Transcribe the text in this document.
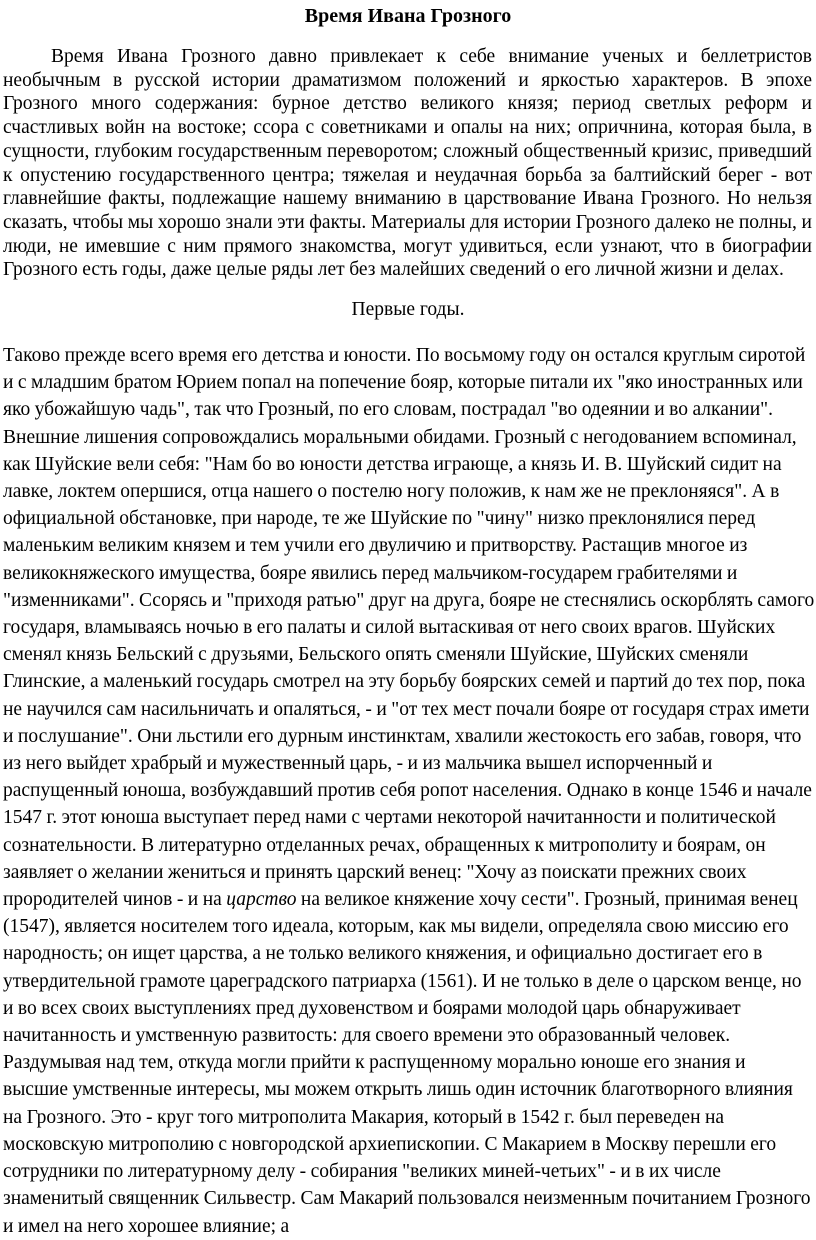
Время Ивана Грозного

Время Ивана Грозного давно привлекает к себе внимание ученых и беллетристов необычным в русской истории драматизмом положений и яркостью характеров. В эпохе Грозного много содержания: бурное детство великого князя; период светлых реформ и счастливых войн на востоке; ссора с советниками и опалы на них; опричнина, которая была, в сущности, глубоким государственным переворотом; сложный общественный кризис, приведший к опустению государственного центра; тяжелая и неудачная борьба за балтийский берег - вот главнейшие факты, подлежащие нашему вниманию в царствование Ивана Грозного. Но нельзя сказать, чтобы мы хорошо знали эти факты. Материалы для истории Грозного далеко не полны, и люди, не имевшие с ним прямого знакомства, могут удивиться, если узнают, что в биографии Грозного есть годы, даже целые ряды лет без малейших сведений о его личной жизни и делах.

Первые годы.

Таково прежде всего время его детства и юности. По восьмому году он остался круглым сиротой и с младшим братом Юрием попал на попечение бояр, которые питали их "яко иностранных или яко убожайшую чадь", так что Грозный, по его словам, пострадал "во одеянии и во алкании". Внешние лишения сопровождались моральными обидами. Грозный с негодованием вспоминал, как Шуйские вели себя: "Нам бо во юности детства играюще, а князь И. В. Шуйский сидит на лавке, локтем опершися, отца нашего о постелю ногу положив, к нам же не преклоняяся". А в официальной обстановке, при народе, те же Шуйские по "чину" низко преклонялися перед маленьким великим князем и тем учили его двуличию и притворству. Растащив многое из великокняжеского имущества, бояре явились перед мальчиком-государем грабителями и "изменниками". Ссорясь и "приходя ратью" друг на друга, бояре не стеснялись оскорблять самого государя, вламываясь ночью в его палаты и силой вытаскивая от него своих врагов. Шуйских сменял князь Бельский с друзьями, Бельского опять сменяли Шуйские, Шуйских сменяли Глинские, а маленький государь смотрел на эту борьбу боярских семей и партий до тех пор, пока не научился сам насильничать и опаляться, - и "от тех мест почали бояре от государя страх имети и послушание". Они льстили его дурным инстинктам, хвалили жестокость его забав, говоря, что из него выйдет храбрый и мужественный царь, - и из мальчика вышел испорченный и распущенный юноша, возбуждавший против себя ропот населения. Однако в конце 1546 и начале 1547 г. этот юноша выступает перед нами с чертами некоторой начитанности и политической сознательности. В литературно отделанных речах, обращенных к митрополиту и боярам, он заявляет о желании жениться и принять царский венец: "Хочу аз поискати прежних своих прородителей чинов - и на царство на великое княжение хочу сести". Грозный, принимая венец (1547), является носителем того идеала, которым, как мы видели, определяла свою миссию его народность; он ищет царства, а не только великого княжения, и официально достигает его в утвердительной грамоте цареградского патриарха (1561). И не только в деле о царском венце, но и во всех своих выступлениях пред духовенством и боярами молодой царь обнаруживает начитанность и умственную развитость: для своего времени это образованный человек. Раздумывая над тем, откуда могли прийти к распущенному морально юноше его знания и высшие умственные интересы, мы можем открыть лишь один источник благотворного влияния на Грозного. Это - круг того митрополита Макария, который в 1542 г. был переведен на московскую митрополию с новгородской архиепископии. С Макарием в Москву перешли его сотрудники по литературному делу - собирания "великих миней-четьих" - и в их числе знаменитый священник Сильвестр. Сам Макарий пользовался неизменным почитанием Грозного и имел на него хорошее влияние; а
